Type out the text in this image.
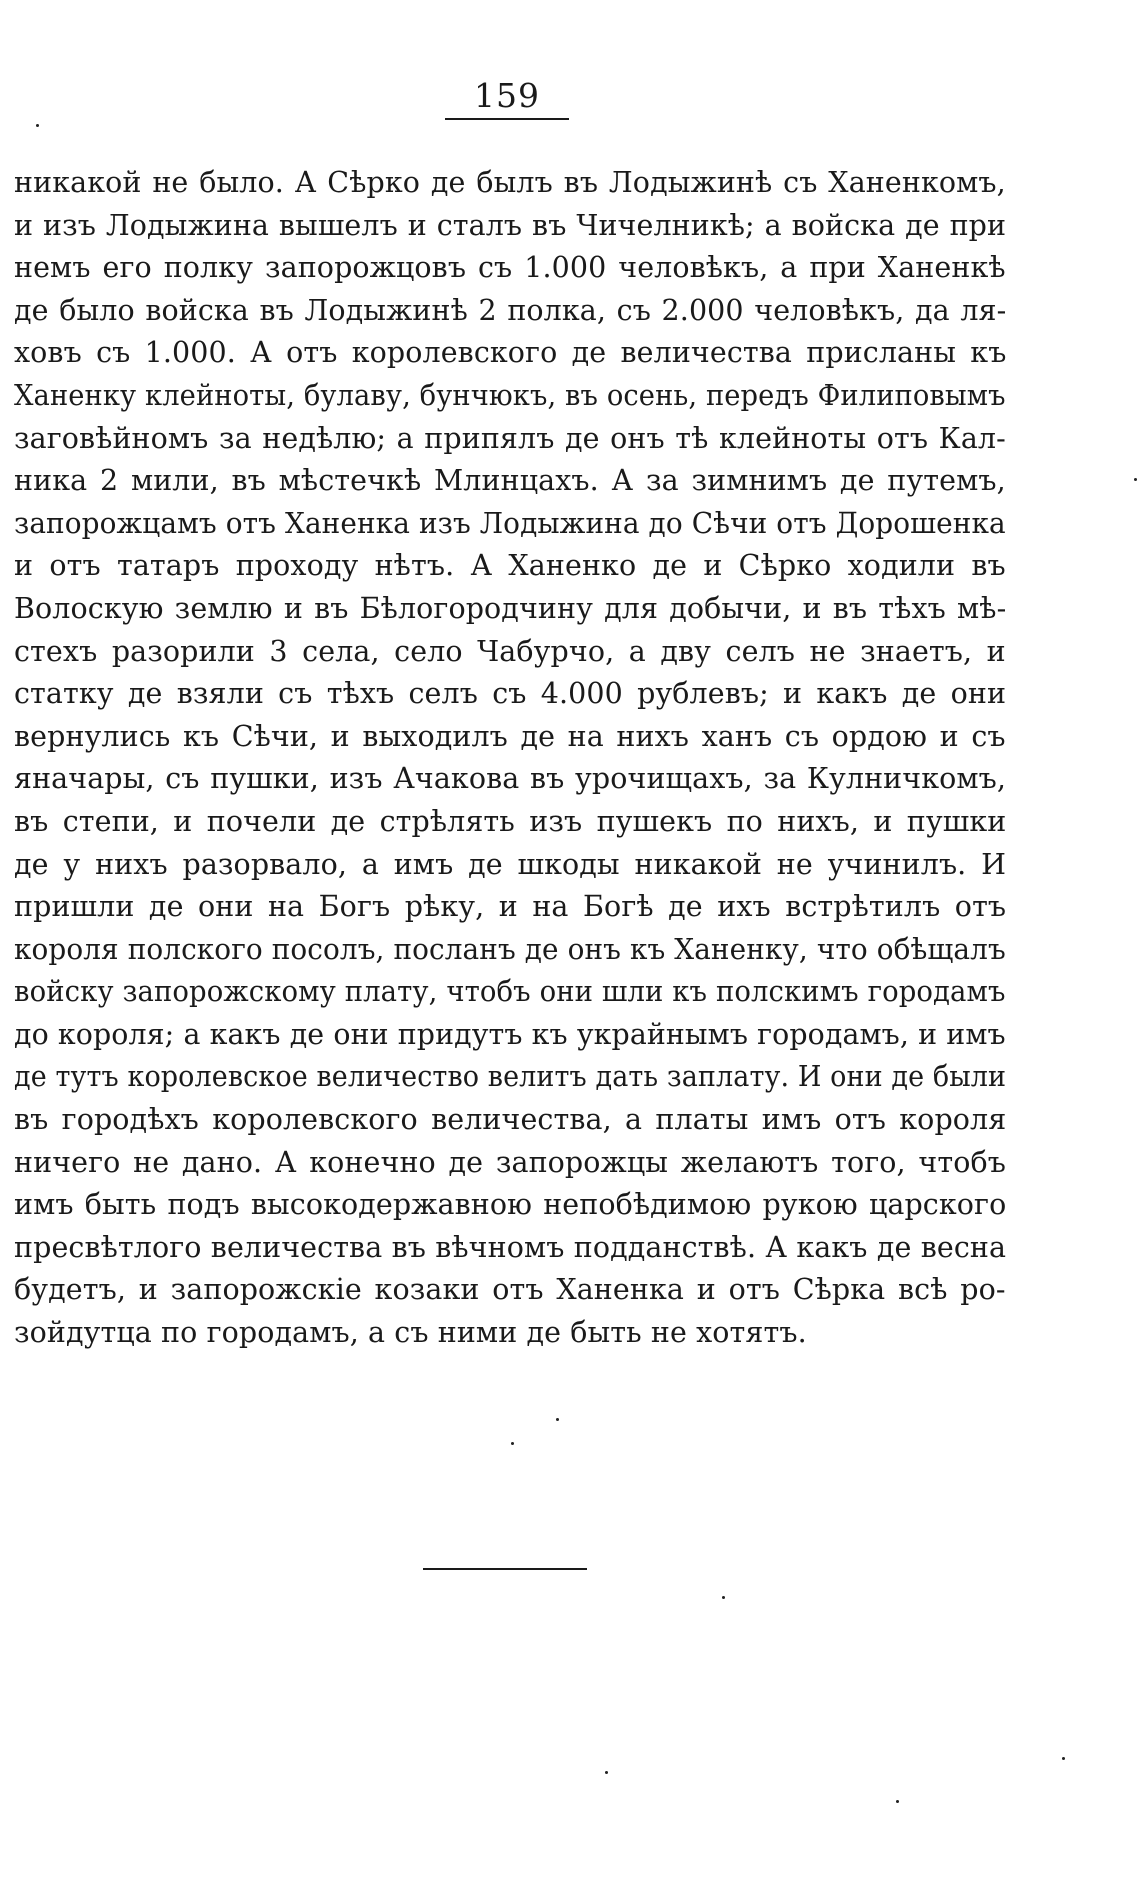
159
никакой не было. А Сѣрко де былъ въ Лодыжинѣ съ Ханенкомъ,
и изъ Лодыжина вышелъ и сталъ въ Чичелникѣ; а войска де при
немъ его полку запорожцовъ съ 1.000 человѣкъ, а при Ханенкѣ
де было войска въ Лодыжинѣ 2 полка, съ 2.000 человѣкъ, да ля-
ховъ съ 1.000. А отъ королевского де величества присланы къ
Ханенку клейноты, булаву, бунчюкъ, въ осень, передъ Филиповымъ
заговѣйномъ за недѣлю; а припялъ де онъ тѣ клейноты отъ Кал-
ника 2 мили, въ мѣстечкѣ Млинцахъ. А за зимнимъ де путемъ,
запорожцамъ отъ Ханенка изъ Лодыжина до Сѣчи отъ Дорошенка
и отъ татаръ проходу нѣтъ. А Ханенко де и Сѣрко ходили въ
Волоскую землю и въ Бѣлогородчину для добычи, и въ тѣхъ мѣ-
стехъ разорили 3 села, село Чабурчо, а дву селъ не знаетъ, и
статку де взяли съ тѣхъ селъ съ 4.000 рублевъ; и какъ де они
вернулись къ Сѣчи, и выходилъ де на нихъ ханъ съ ордою и съ
яначары, съ пушки, изъ Ачакова въ урочищахъ, за Кулничкомъ,
въ степи, и почели де стрѣлять изъ пушекъ по нихъ, и пушки
де у нихъ разорвало, а имъ де шкоды никакой не учинилъ. И
пришли де они на Богъ рѣку, и на Богѣ де ихъ встрѣтилъ отъ
короля полского посолъ, посланъ де онъ къ Ханенку, что обѣщалъ
войску запорожскому плату, чтобъ они шли къ полскимъ городамъ
до короля; а какъ де они придутъ къ украйнымъ городамъ, и имъ
де тутъ королевское величество велитъ дать заплату. И они де были
въ городѣхъ королевского величества, а платы имъ отъ короля
ничего не дано. А конечно де запорожцы желаютъ того, чтобъ
имъ быть подъ высокодержавною непобѣдимою рукою царского
пресвѣтлого величества въ вѣчномъ подданствѣ. А какъ де весна
будетъ, и запорожскіе козаки отъ Ханенка и отъ Сѣрка всѣ ро-
зойдутца по городамъ, а съ ними де быть не хотятъ.
